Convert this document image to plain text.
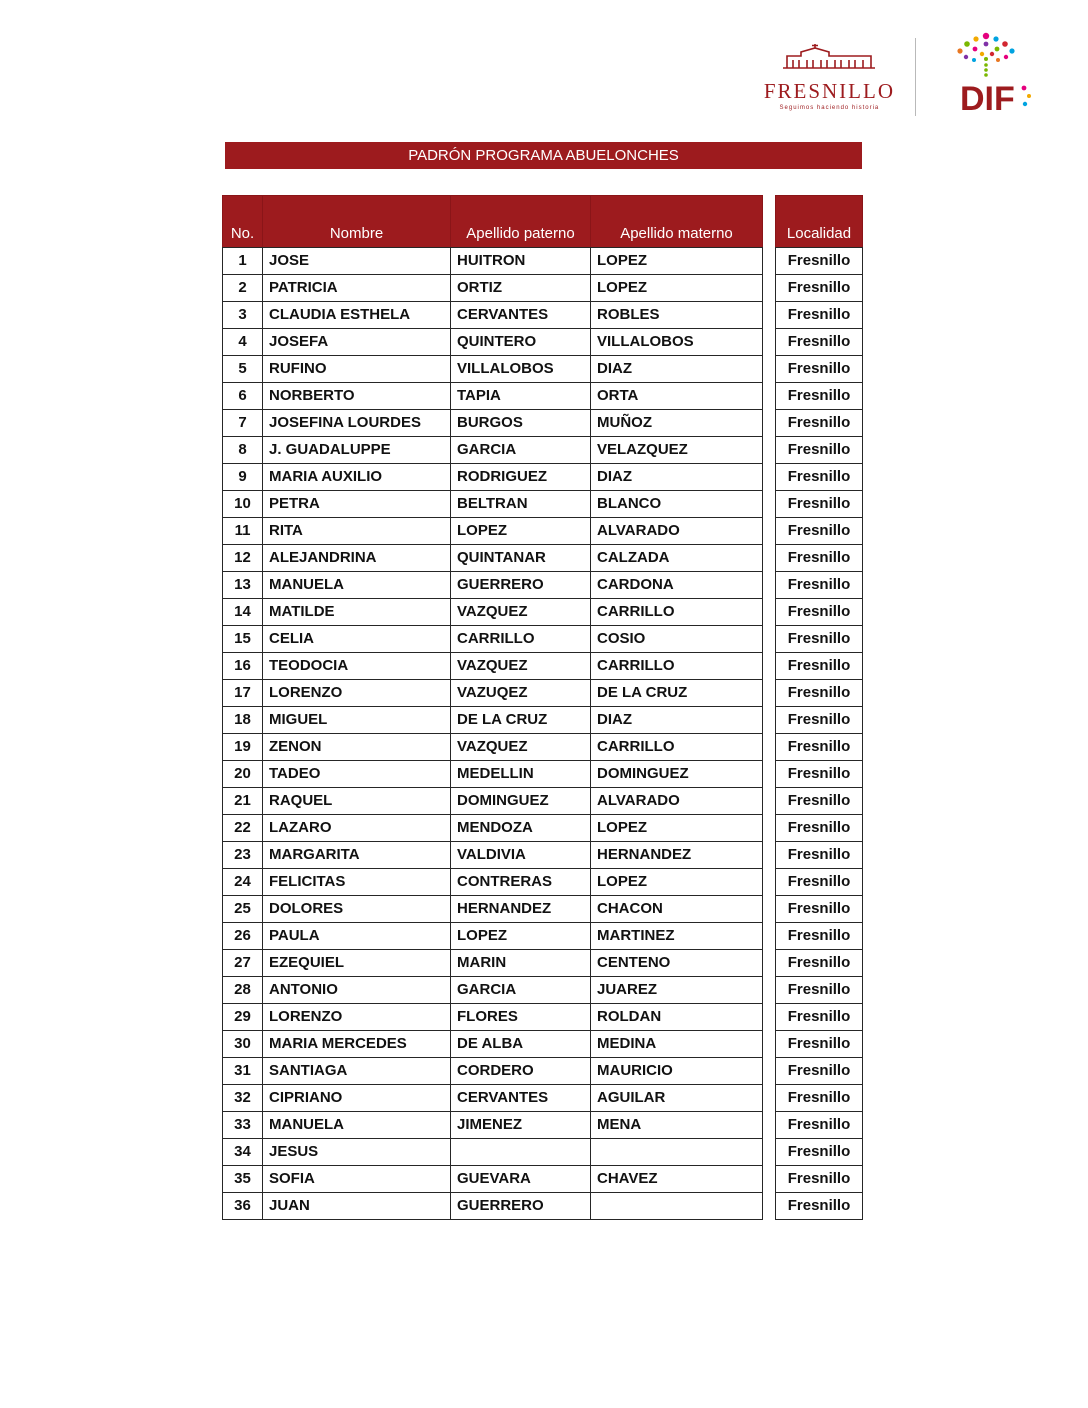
FRESNILLO
Seguimos haciendo historia	DIF
PADRÓN PROGRAMA ABUELONCHES
No.	Nombre	Apellido paterno	Apellido materno		Localidad
1	JOSE	HUITRON	LOPEZ		Fresnillo
2	PATRICIA	ORTIZ	LOPEZ		Fresnillo
3	CLAUDIA ESTHELA	CERVANTES	ROBLES		Fresnillo
4	JOSEFA	QUINTERO	VILLALOBOS		Fresnillo
5	RUFINO	VILLALOBOS	DIAZ		Fresnillo
6	NORBERTO	TAPIA	ORTA		Fresnillo
7	JOSEFINA LOURDES	BURGOS	MUÑOZ		Fresnillo
8	J. GUADALUPPE	GARCIA	VELAZQUEZ		Fresnillo
9	MARIA AUXILIO	RODRIGUEZ	DIAZ		Fresnillo
10	PETRA	BELTRAN	BLANCO		Fresnillo
11	RITA	LOPEZ	ALVARADO		Fresnillo
12	ALEJANDRINA	QUINTANAR	CALZADA		Fresnillo
13	MANUELA	GUERRERO	CARDONA		Fresnillo
14	MATILDE	VAZQUEZ	CARRILLO		Fresnillo
15	CELIA	CARRILLO	COSIO		Fresnillo
16	TEODOCIA	VAZQUEZ	CARRILLO		Fresnillo
17	LORENZO	VAZUQEZ	DE LA CRUZ		Fresnillo
18	MIGUEL	DE LA CRUZ	DIAZ		Fresnillo
19	ZENON	VAZQUEZ	CARRILLO		Fresnillo
20	TADEO	MEDELLIN	DOMINGUEZ		Fresnillo
21	RAQUEL	DOMINGUEZ	ALVARADO		Fresnillo
22	LAZARO	MENDOZA	LOPEZ		Fresnillo
23	MARGARITA	VALDIVIA	HERNANDEZ		Fresnillo
24	FELICITAS	CONTRERAS	LOPEZ		Fresnillo
25	DOLORES	HERNANDEZ	CHACON		Fresnillo
26	PAULA	LOPEZ	MARTINEZ		Fresnillo
27	EZEQUIEL	MARIN	CENTENO		Fresnillo
28	ANTONIO	GARCIA	JUAREZ		Fresnillo
29	LORENZO	FLORES	ROLDAN		Fresnillo
30	MARIA MERCEDES	DE ALBA	MEDINA		Fresnillo
31	SANTIAGA	CORDERO	MAURICIO		Fresnillo
32	CIPRIANO	CERVANTES	AGUILAR		Fresnillo
33	MANUELA	JIMENEZ	MENA		Fresnillo
34	JESUS				Fresnillo
35	SOFIA	GUEVARA	CHAVEZ		Fresnillo
36	JUAN	GUERRERO			Fresnillo
